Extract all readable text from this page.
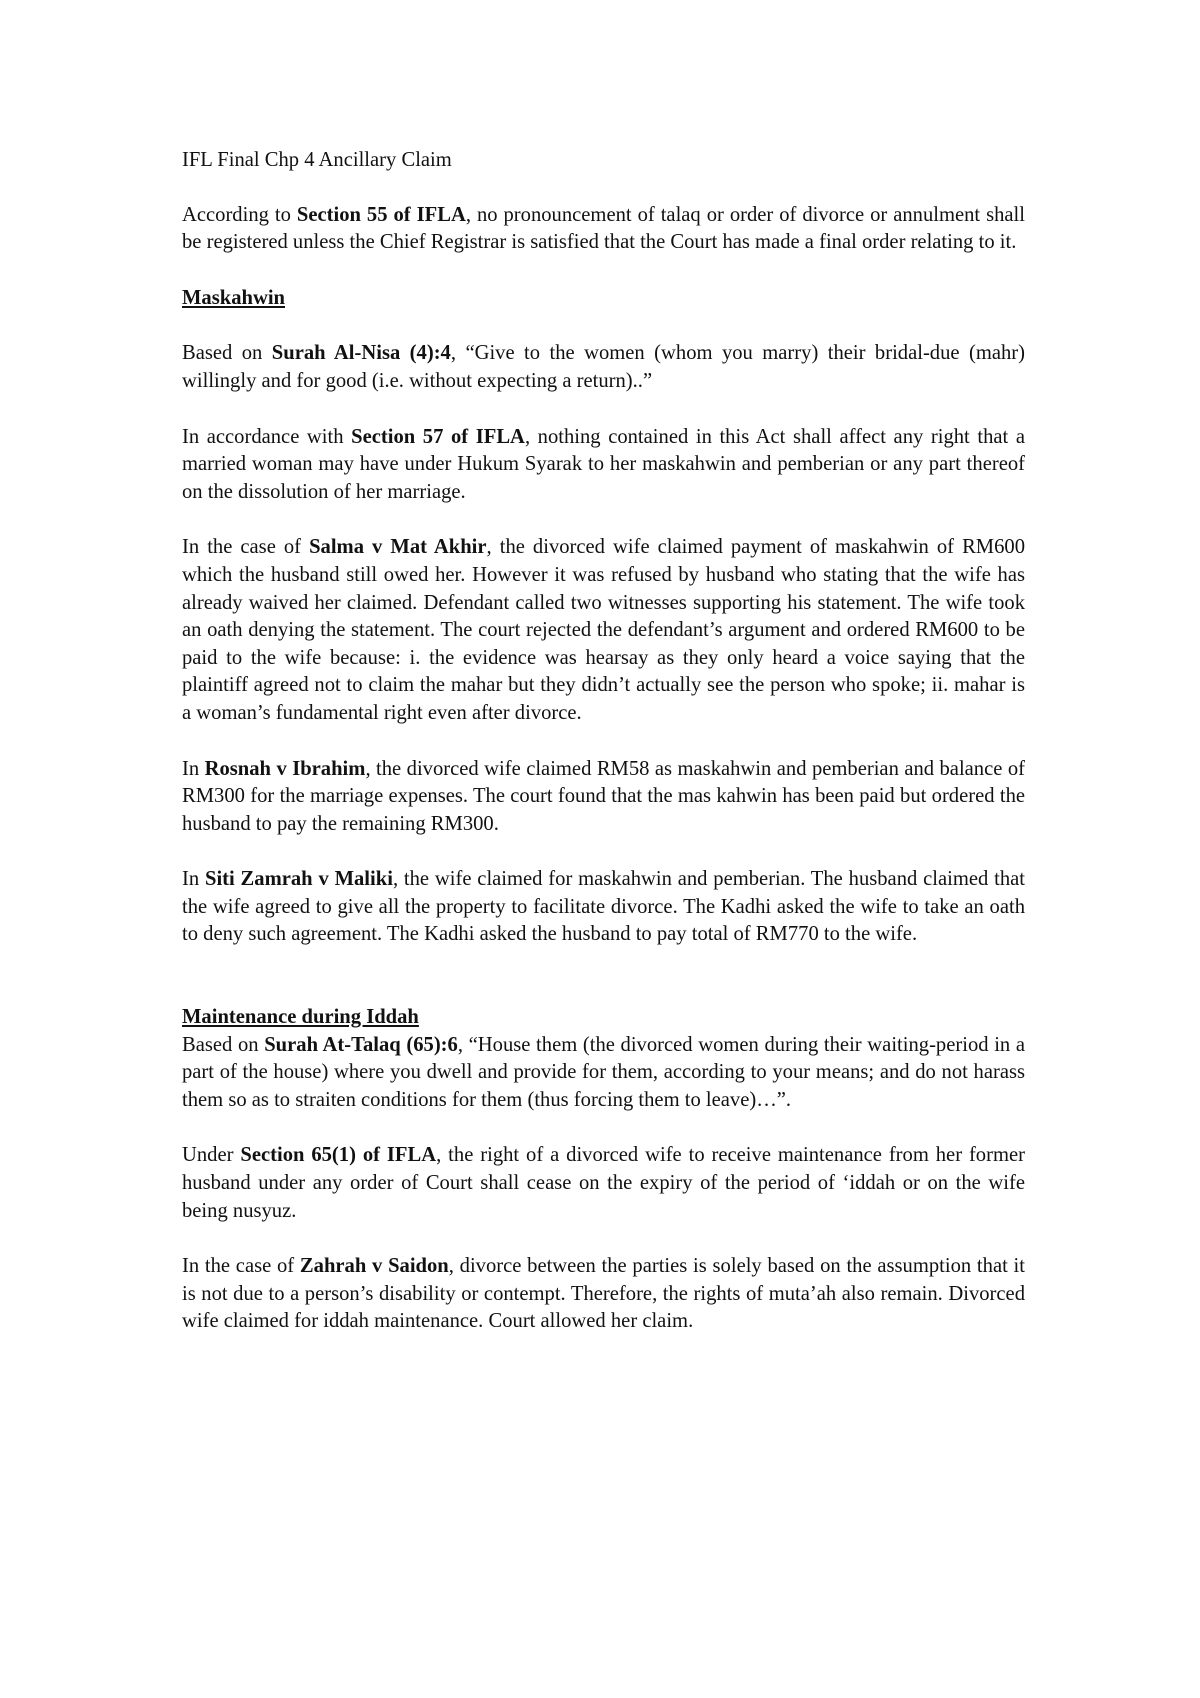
IFL Final Chp 4 Ancillary Claim

According to Section 55 of IFLA, no pronouncement of talaq or order of divorce or annulment shall be registered unless the Chief Registrar is satisfied that the Court has made a final order relating to it.

Maskahwin

Based on Surah Al-Nisa (4):4, “Give to the women (whom you marry) their bridal-due (mahr) willingly and for good (i.e. without expecting a return)..”

In accordance with Section 57 of IFLA, nothing contained in this Act shall affect any right that a married woman may have under Hukum Syarak to her maskahwin and pemberian or any part thereof on the dissolution of her marriage.

In the case of Salma v Mat Akhir, the divorced wife claimed payment of maskahwin of RM600 which the husband still owed her. However it was refused by husband who stating that the wife has already waived her claimed. Defendant called two witnesses supporting his statement. The wife took an oath denying the statement. The court rejected the defendant’s argument and ordered RM600 to be paid to the wife because: i. the evidence was hearsay as they only heard a voice saying that the plaintiff agreed not to claim the mahar but they didn’t actually see the person who spoke; ii. mahar is a woman’s fundamental right even after divorce.

In Rosnah v Ibrahim, the divorced wife claimed RM58 as maskahwin and pemberian and balance of RM300 for the marriage expenses. The court found that the mas kahwin has been paid but ordered the husband to pay the remaining RM300.

In Siti Zamrah v Maliki, the wife claimed for maskahwin and pemberian. The husband claimed that the wife agreed to give all the property to facilitate divorce. The Kadhi asked the wife to take an oath to deny such agreement. The Kadhi asked the husband to pay total of RM770 to the wife.

Maintenance during Iddah

Based on Surah At-Talaq (65):6, “House them (the divorced women during their waiting-period in a part of the house) where you dwell and provide for them, according to your means; and do not harass them so as to straiten conditions for them (thus forcing them to leave)…”.

Under Section 65(1) of IFLA, the right of a divorced wife to receive maintenance from her former husband under any order of Court shall cease on the expiry of the period of ‘iddah or on the wife being nusyuz.

In the case of Zahrah v Saidon, divorce between the parties is solely based on the assumption that it is not due to a person’s disability or contempt. Therefore, the rights of muta’ah also remain. Divorced wife claimed for iddah maintenance. Court allowed her claim.
